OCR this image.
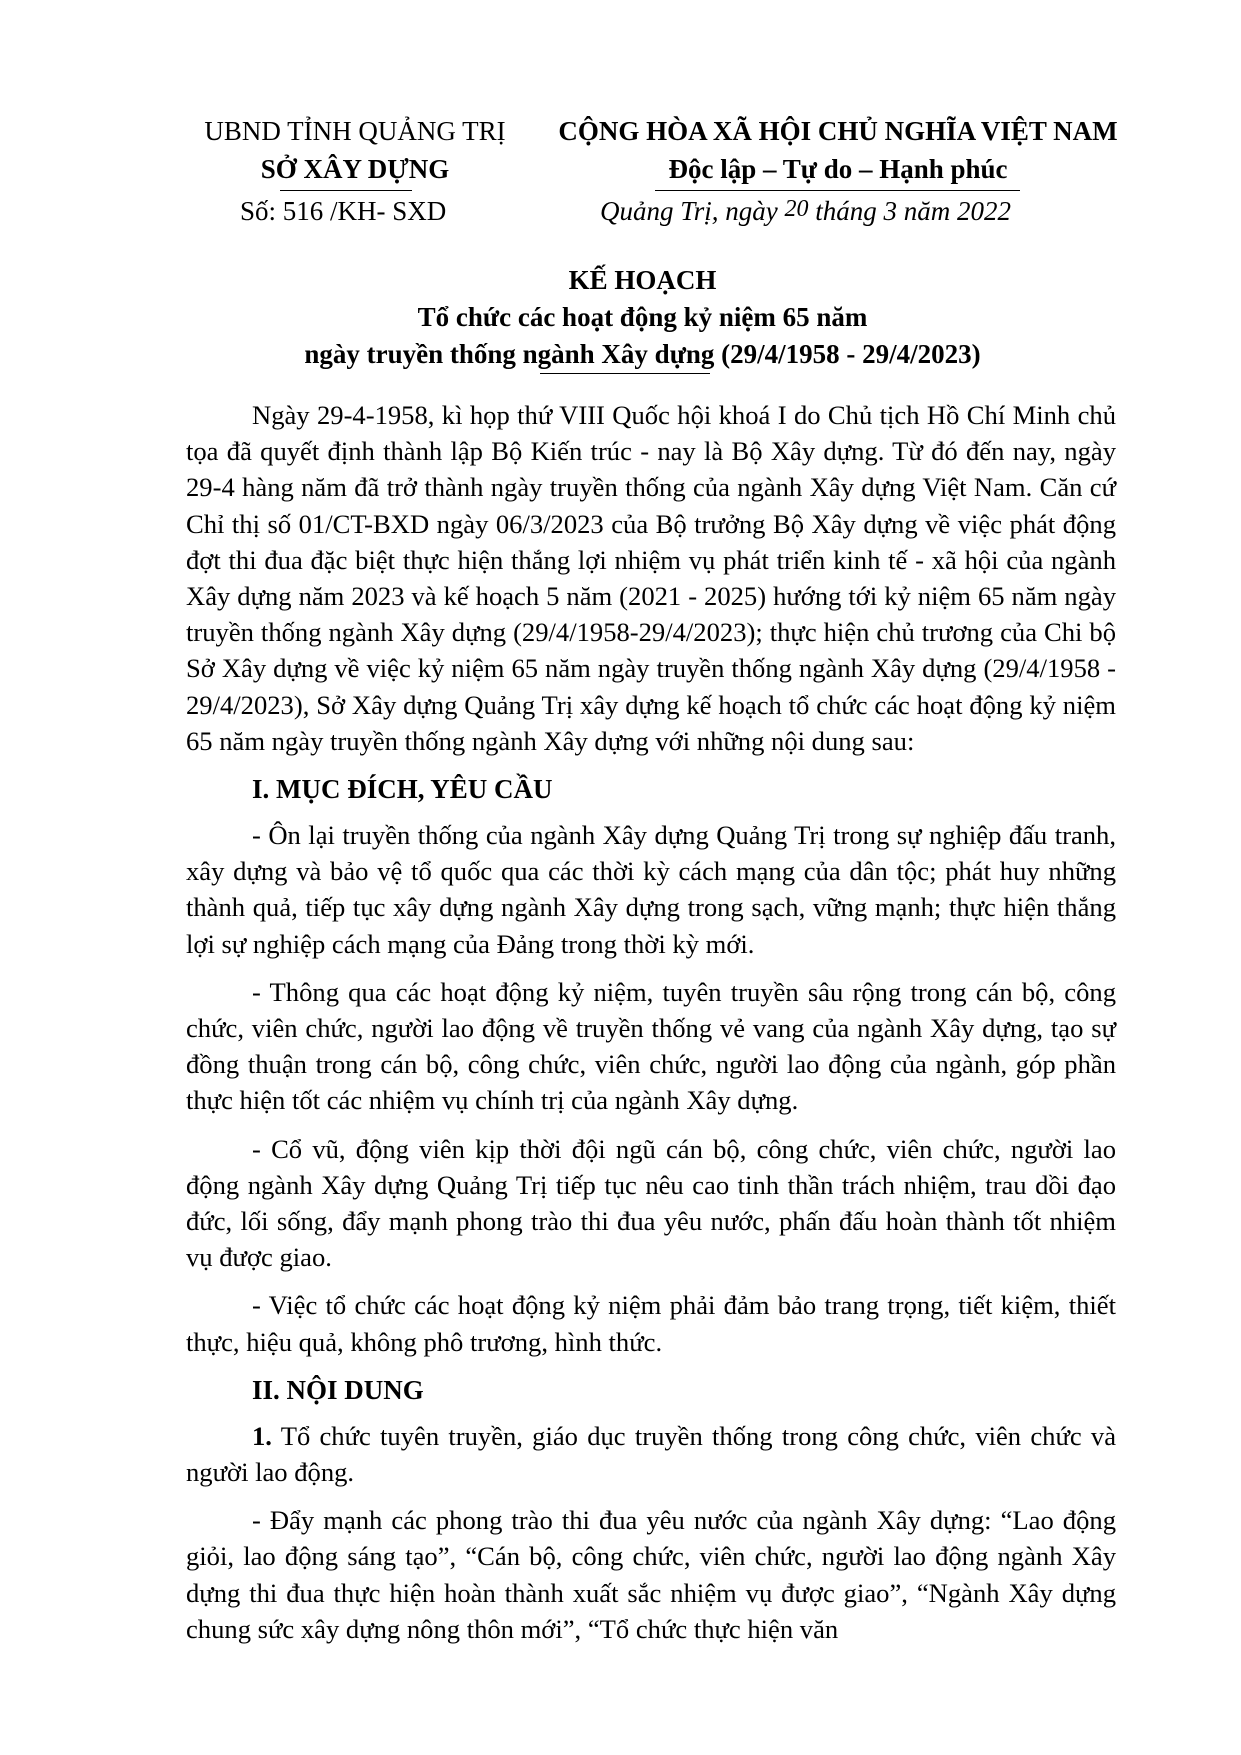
UBND TỈNH QUẢNG TRỊ
SỞ XÂY DỰNG
Số: 516 /KH- SXD
CỘNG HÒA XÃ HỘI CHỦ NGHĨA VIỆT NAM
Độc lập – Tự do – Hạnh phúc
Quảng Trị, ngày 20 tháng 3 năm 2022
KẾ HOẠCH
Tổ chức các hoạt động kỷ niệm 65 năm
ngày truyền thống ngành Xây dựng (29/4/1958 - 29/4/2023)

Ngày 29-4-1958, kì họp thứ VIII Quốc hội khoá I do Chủ tịch Hồ Chí Minh chủ tọa đã quyết định thành lập Bộ Kiến trúc - nay là Bộ Xây dựng. Từ đó đến nay, ngày 29-4 hàng năm đã trở thành ngày truyền thống của ngành Xây dựng Việt Nam. Căn cứ Chỉ thị số 01/CT-BXD ngày 06/3/2023 của Bộ trưởng Bộ Xây dựng về việc phát động đợt thi đua đặc biệt thực hiện thắng lợi nhiệm vụ phát triển kinh tế - xã hội của ngành Xây dựng năm 2023 và kế hoạch 5 năm (2021 - 2025) hướng tới kỷ niệm 65 năm ngày truyền thống ngành Xây dựng (29/4/1958-29/4/2023); thực hiện chủ trương của Chi bộ Sở Xây dựng về việc kỷ niệm 65 năm ngày truyền thống ngành Xây dựng (29/4/1958 - 29/4/2023), Sở Xây dựng Quảng Trị xây dựng kế hoạch tổ chức các hoạt động kỷ niệm 65 năm ngày truyền thống ngành Xây dựng với những nội dung sau:

I. MỤC ĐÍCH, YÊU CẦU

- Ôn lại truyền thống của ngành Xây dựng Quảng Trị trong sự nghiệp đấu tranh, xây dựng và bảo vệ tổ quốc qua các thời kỳ cách mạng của dân tộc; phát huy những thành quả, tiếp tục xây dựng ngành Xây dựng trong sạch, vững mạnh; thực hiện thắng lợi sự nghiệp cách mạng của Đảng trong thời kỳ mới.

- Thông qua các hoạt động kỷ niệm, tuyên truyền sâu rộng trong cán bộ, công chức, viên chức, người lao động về truyền thống vẻ vang của ngành Xây dựng, tạo sự đồng thuận trong cán bộ, công chức, viên chức, người lao động của ngành, góp phần thực hiện tốt các nhiệm vụ chính trị của ngành Xây dựng.

- Cổ vũ, động viên kịp thời đội ngũ cán bộ, công chức, viên chức, người lao động ngành Xây dựng Quảng Trị tiếp tục nêu cao tinh thần trách nhiệm, trau dồi đạo đức, lối sống, đẩy mạnh phong trào thi đua yêu nước, phấn đấu hoàn thành tốt nhiệm vụ được giao.

- Việc tổ chức các hoạt động kỷ niệm phải đảm bảo trang trọng, tiết kiệm, thiết thực, hiệu quả, không phô trương, hình thức.

II. NỘI DUNG

1. Tổ chức tuyên truyền, giáo dục truyền thống trong công chức, viên chức và người lao động.

- Đẩy mạnh các phong trào thi đua yêu nước của ngành Xây dựng: “Lao động giỏi, lao động sáng tạo”, “Cán bộ, công chức, viên chức, người lao động ngành Xây dựng thi đua thực hiện hoàn thành xuất sắc nhiệm vụ được giao”, “Ngành Xây dựng chung sức xây dựng nông thôn mới”, “Tổ chức thực hiện văn
